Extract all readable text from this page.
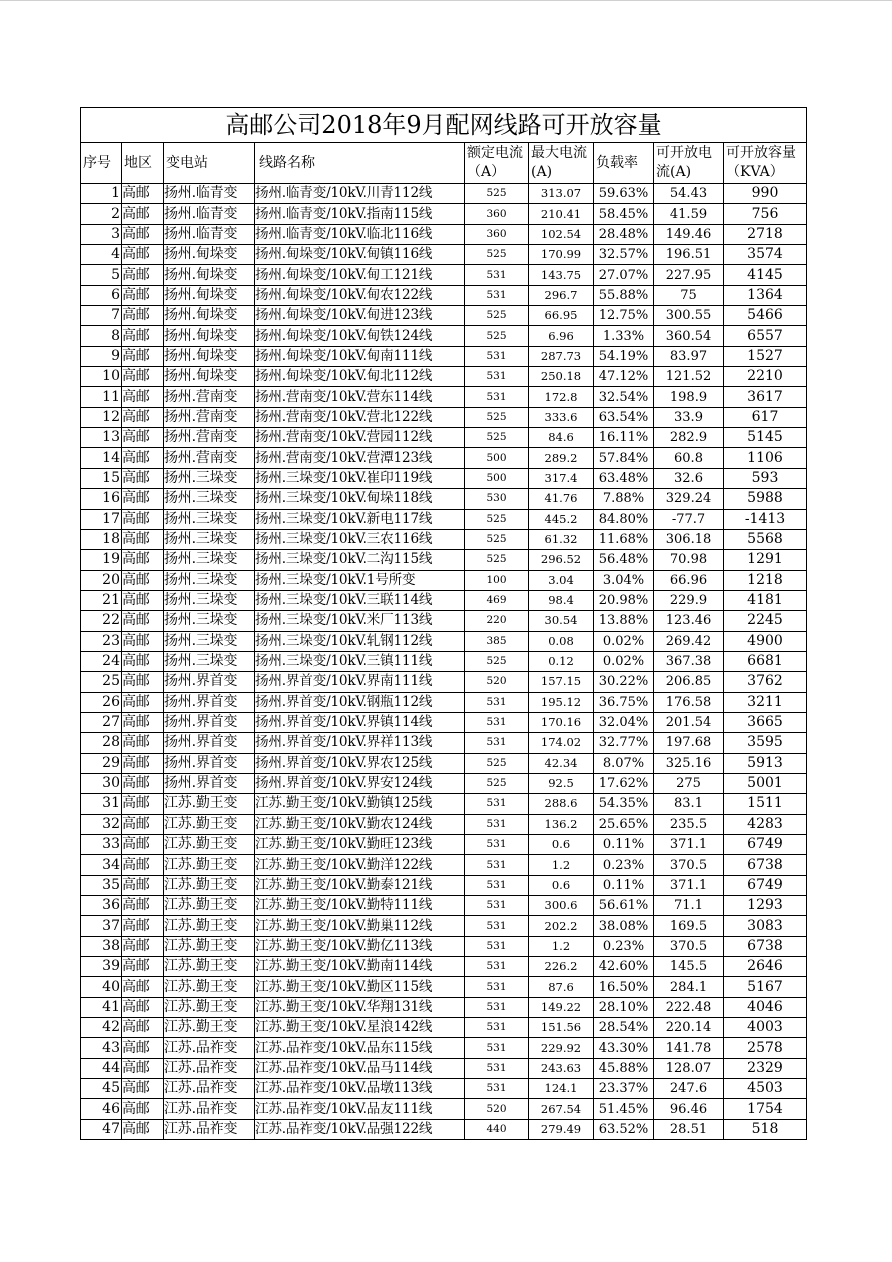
高邮公司2018年9月配网线路可开放容量								
序号	地区	变电站	线路名称	额定电流（A）	最大电流(A)	负载率	可开放电流(A)	可开放容量（KVA）
1	高邮	扬州.临青变	扬州.临青变/10kV.川青112线	525	313.07	59.63%	54.43	990
2	高邮	扬州.临青变	扬州.临青变/10kV.指南115线	360	210.41	58.45%	41.59	756
3	高邮	扬州.临青变	扬州.临青变/10kV.临北116线	360	102.54	28.48%	149.46	2718
4	高邮	扬州.甸垛变	扬州.甸垛变/10kV.甸镇116线	525	170.99	32.57%	196.51	3574
5	高邮	扬州.甸垛变	扬州.甸垛变/10kV.甸工121线	531	143.75	27.07%	227.95	4145
6	高邮	扬州.甸垛变	扬州.甸垛变/10kV.甸农122线	531	296.7	55.88%	75	1364
7	高邮	扬州.甸垛变	扬州.甸垛变/10kV.甸进123线	525	66.95	12.75%	300.55	5466
8	高邮	扬州.甸垛变	扬州.甸垛变/10kV.甸铁124线	525	6.96	1.33%	360.54	6557
9	高邮	扬州.甸垛变	扬州.甸垛变/10kV.甸南111线	531	287.73	54.19%	83.97	1527
10	高邮	扬州.甸垛变	扬州.甸垛变/10kV.甸北112线	531	250.18	47.12%	121.52	2210
11	高邮	扬州.营南变	扬州.营南变/10kV.营东114线	531	172.8	32.54%	198.9	3617
12	高邮	扬州.营南变	扬州.营南变/10kV.营北122线	525	333.6	63.54%	33.9	617
13	高邮	扬州.营南变	扬州.营南变/10kV.营园112线	525	84.6	16.11%	282.9	5145
14	高邮	扬州.营南变	扬州.营南变/10kV.营潭123线	500	289.2	57.84%	60.8	1106
15	高邮	扬州.三垛变	扬州.三垛变/10kV.崔印119线	500	317.4	63.48%	32.6	593
16	高邮	扬州.三垛变	扬州.三垛变/10kV.甸垛118线	530	41.76	7.88%	329.24	5988
17	高邮	扬州.三垛变	扬州.三垛变/10kV.新电117线	525	445.2	84.80%	-77.7	-1413
18	高邮	扬州.三垛变	扬州.三垛变/10kV.三农116线	525	61.32	11.68%	306.18	5568
19	高邮	扬州.三垛变	扬州.三垛变/10kV.二沟115线	525	296.52	56.48%	70.98	1291
20	高邮	扬州.三垛变	扬州.三垛变/10kV.1号所变	100	3.04	3.04%	66.96	1218
21	高邮	扬州.三垛变	扬州.三垛变/10kV.三联114线	469	98.4	20.98%	229.9	4181
22	高邮	扬州.三垛变	扬州.三垛变/10kV.米厂113线	220	30.54	13.88%	123.46	2245
23	高邮	扬州.三垛变	扬州.三垛变/10kV.轧钢112线	385	0.08	0.02%	269.42	4900
24	高邮	扬州.三垛变	扬州.三垛变/10kV.三镇111线	525	0.12	0.02%	367.38	6681
25	高邮	扬州.界首变	扬州.界首变/10kV.界南111线	520	157.15	30.22%	206.85	3762
26	高邮	扬州.界首变	扬州.界首变/10kV.钢瓶112线	531	195.12	36.75%	176.58	3211
27	高邮	扬州.界首变	扬州.界首变/10kV.界镇114线	531	170.16	32.04%	201.54	3665
28	高邮	扬州.界首变	扬州.界首变/10kV.界祥113线	531	174.02	32.77%	197.68	3595
29	高邮	扬州.界首变	扬州.界首变/10kV.界农125线	525	42.34	8.07%	325.16	5913
30	高邮	扬州.界首变	扬州.界首变/10kV.界安124线	525	92.5	17.62%	275	5001
31	高邮	江苏.勤王变	江苏.勤王变/10kV.勤镇125线	531	288.6	54.35%	83.1	1511
32	高邮	江苏.勤王变	江苏.勤王变/10kV.勤农124线	531	136.2	25.65%	235.5	4283
33	高邮	江苏.勤王变	江苏.勤王变/10kV.勤旺123线	531	0.6	0.11%	371.1	6749
34	高邮	江苏.勤王变	江苏.勤王变/10kV.勤洋122线	531	1.2	0.23%	370.5	6738
35	高邮	江苏.勤王变	江苏.勤王变/10kV.勤泰121线	531	0.6	0.11%	371.1	6749
36	高邮	江苏.勤王变	江苏.勤王变/10kV.勤特111线	531	300.6	56.61%	71.1	1293
37	高邮	江苏.勤王变	江苏.勤王变/10kV.勤巢112线	531	202.2	38.08%	169.5	3083
38	高邮	江苏.勤王变	江苏.勤王变/10kV.勤亿113线	531	1.2	0.23%	370.5	6738
39	高邮	江苏.勤王变	江苏.勤王变/10kV.勤南114线	531	226.2	42.60%	145.5	2646
40	高邮	江苏.勤王变	江苏.勤王变/10kV.勤区115线	531	87.6	16.50%	284.1	5167
41	高邮	江苏.勤王变	江苏.勤王变/10kV.华翔131线	531	149.22	28.10%	222.48	4046
42	高邮	江苏.勤王变	江苏.勤王变/10kV.星浪142线	531	151.56	28.54%	220.14	4003
43	高邮	江苏.品祚变	江苏.品祚变/10kV.品东115线	531	229.92	43.30%	141.78	2578
44	高邮	江苏.品祚变	江苏.品祚变/10kV.品马114线	531	243.63	45.88%	128.07	2329
45	高邮	江苏.品祚变	江苏.品祚变/10kV.品墩113线	531	124.1	23.37%	247.6	4503
46	高邮	江苏.品祚变	江苏.品祚变/10kV.品友111线	520	267.54	51.45%	96.46	1754
47	高邮	江苏.品祚变	江苏.品祚变/10kV.品强122线	440	279.49	63.52%	28.51	518
